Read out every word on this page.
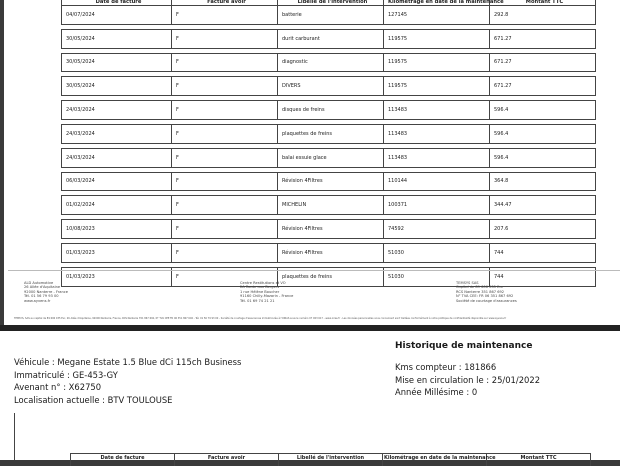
Date de facture	Facture avoir	Libellé de l'intervention	Kilométrage en date de la maintenance	Montant TTC
04/07/2024	F	batterie	127145	292.8

30/05/2024	F	durit carburant	119575	671.27

30/05/2024	F	diagnostic	119575	671.27

30/05/2024	F	DIVERS	119575	671.27

24/03/2024	F	disques de freins	113483	596.4

24/03/2024	F	plaquettes de freins	113483	596.4

24/03/2024	F	balai essuie glace	113483	596.4

06/03/2024	F	Révision 4Filtres	110144	364.8

01/02/2024	F	MICHELIN	100371	344.47

10/08/2023	F	Révision 4Filtres	74592	207.6

01/03/2023	F	Révision 4Filtres	51030	744

01/03/2023	F	plaquettes de freins	51030	744

ALD Automotive
26 Allée d'Aquitaine
92000 Nanterre - France
Tél. 01 56 79 93 00
www.ayvens.fr
Centre Restitutions et VO
2A Route aux Bergers
1 rue Hélène Boucher
91160 Chilly-Mazarin - France
Tél. 01 69 74 21 21
TEMSYS SAS
Capital de 89 606 035 Eur
RCS Nanterre 351 867 692
N° TVA CEE: FR 06 351 867 692
Société de courtage d'assurances
TEMSYS, SAS au capital de 89 606 035 Eur, 26 Allée d'Aquitaine, 92000 Nanterre, France, RCS Nanterre 351 867 692, N° TVA CEE FR 06 351 867 692 - Tél. 01 56 79 93 00 - Société de courtage d'assurances immatriculée à l'ORIAS sous le numéro 07 003 617 - www.orias.fr - Les données personnelles vous concernant sont traitées conformément à notre politique de confidentialité disponible sur www.ayvens.fr
Véhicule : Megane Estate 1.5 Blue dCi 115ch Business
Immatriculé : GE-453-GY
Avenant n° : X62750
Localisation actuelle : BTV TOULOUSE
Historique de maintenance
Kms compteur : 181866
Mise en circulation le : 25/01/2022
Année Millésime : 0
Date de facture	Facture avoir	Libellé de l'intervention	Kilométrage en date de la maintenance	Montant TTC
